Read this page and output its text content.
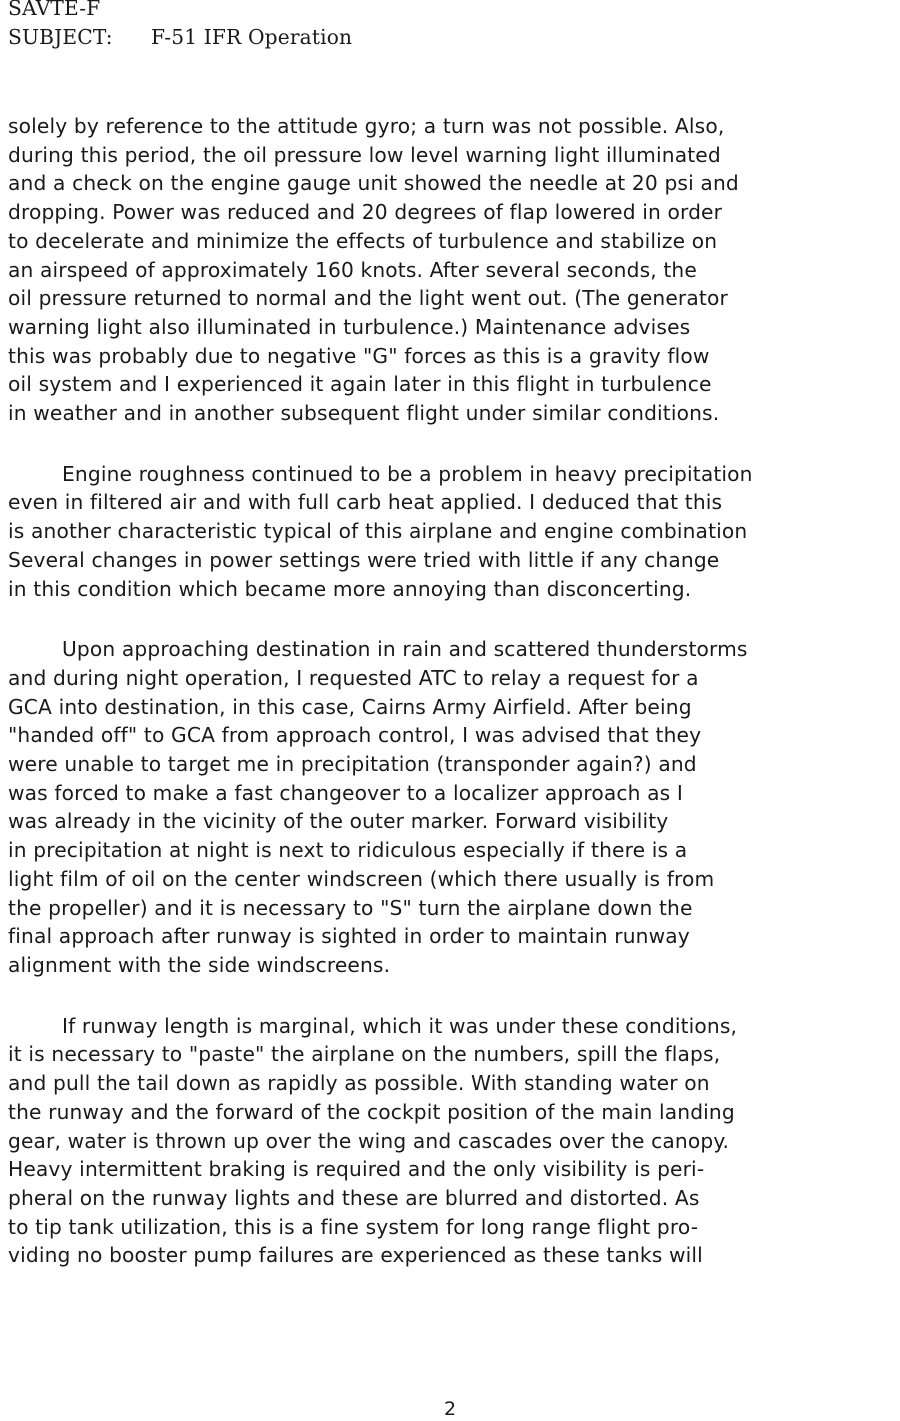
SAVTE-F
SUBJECT: F-51 IFR Operation
solely by reference to the attitude gyro; a turn was not possible. Also,
during this period, the oil pressure low level warning light illuminated
and a check on the engine gauge unit showed the needle at 20 psi and
dropping. Power was reduced and 20 degrees of flap lowered in order
to decelerate and minimize the effects of turbulence and stabilize on
an airspeed of approximately 160 knots. After several seconds, the
oil pressure returned to normal and the light went out. (The generator
warning light also illuminated in turbulence.) Maintenance advises
this was probably due to negative "G" forces as this is a gravity flow
oil system and I experienced it again later in this flight in turbulence
in weather and in another subsequent flight under similar conditions.
Engine roughness continued to be a problem in heavy precipitation
even in filtered air and with full carb heat applied. I deduced that this
is another characteristic typical of this airplane and engine combination
Several changes in power settings were tried with little if any change
in this condition which became more annoying than disconcerting.
Upon approaching destination in rain and scattered thunderstorms
and during night operation, I requested ATC to relay a request for a
GCA into destination, in this case, Cairns Army Airfield. After being
"handed off" to GCA from approach control, I was advised that they
were unable to target me in precipitation (transponder again?) and
was forced to make a fast changeover to a localizer approach as I
was already in the vicinity of the outer marker. Forward visibility
in precipitation at night is next to ridiculous especially if there is a
light film of oil on the center windscreen (which there usually is from
the propeller) and it is necessary to "S" turn the airplane down the
final approach after runway is sighted in order to maintain runway
alignment with the side windscreens.
If runway length is marginal, which it was under these conditions,
it is necessary to "paste" the airplane on the numbers, spill the flaps,
and pull the tail down as rapidly as possible. With standing water on
the runway and the forward of the cockpit position of the main landing
gear, water is thrown up over the wing and cascades over the canopy.
Heavy intermittent braking is required and the only visibility is peri-
pheral on the runway lights and these are blurred and distorted. As
to tip tank utilization, this is a fine system for long range flight pro-
viding no booster pump failures are experienced as these tanks will
2
